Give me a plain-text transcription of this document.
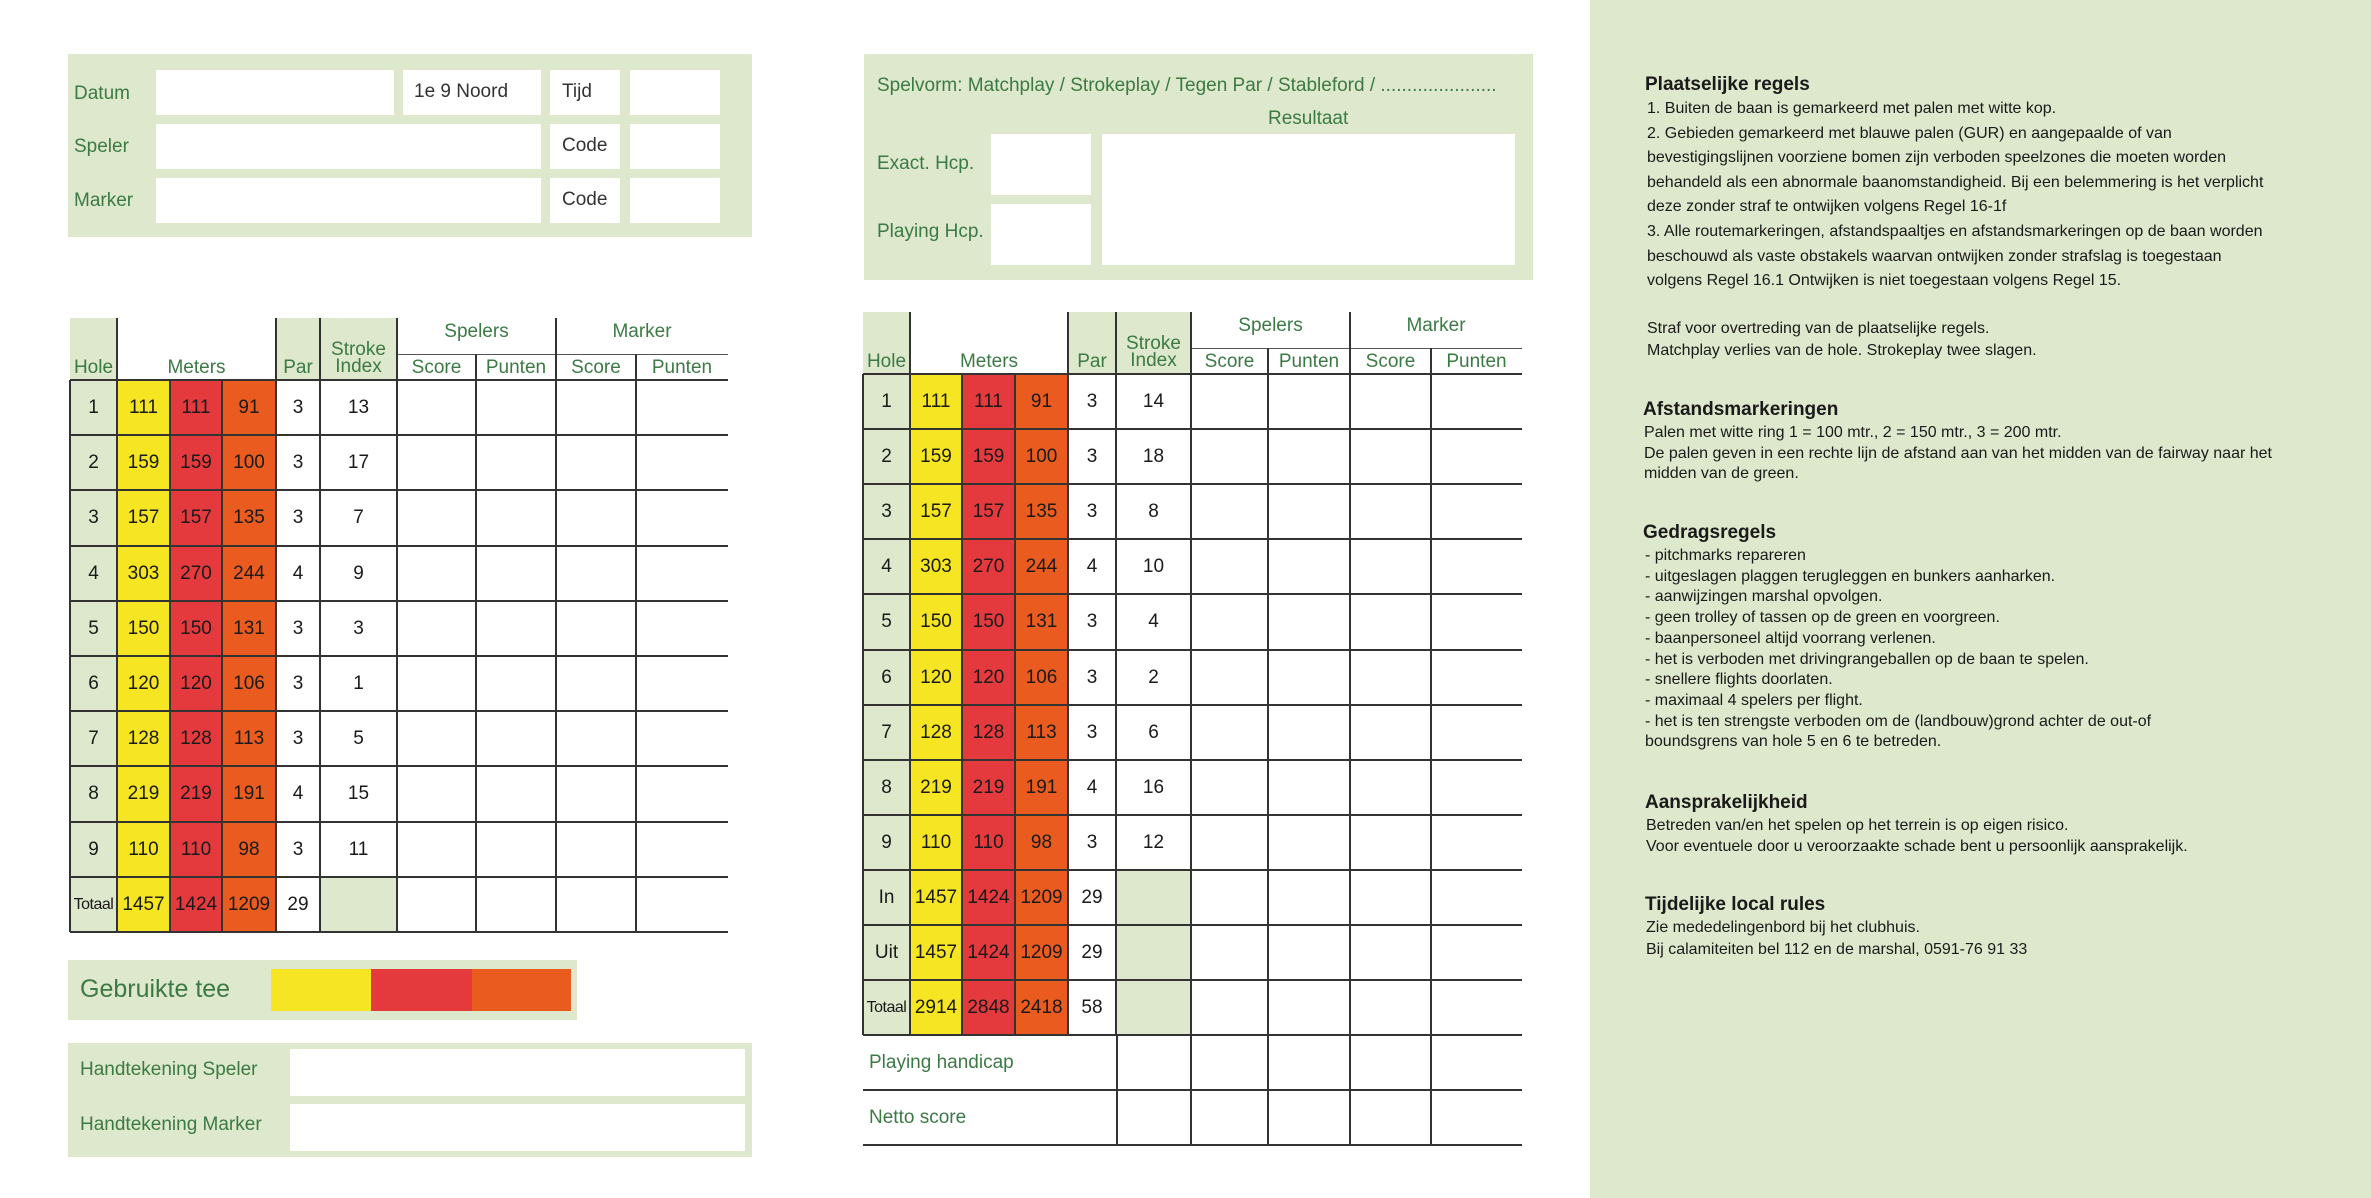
Datum
Speler
Marker
1e 9 Noord	Tijd
Code
Code
Spelvorm: Matchplay / Strokeplay / Tegen Par / Stableford / ......................
Resultaat
Exact. Hcp.
Playing Hcp.
Hole	Meters	Par
Stroke
Index
Spelers	Marker
Score	Punten	Score	Punten
1	111	111	91	3	13
2	159	159	100	3	17
3	157	157	135	3	7
4	303	270	244	4	9
5	150	150	131	3	3
6	120	120	106	3	1
7	128	128	113	3	5
8	219	219	191	4	15
9	110	110	98	3	11
Totaal 1457 1424 1209 29
Hole	Meters	Par
Stroke
Index
Spelers	Marker
Score	Punten	Score	Punten
1	111	111	91	3	14
2	159	159	100	3	18
3	157	157	135	3	8
4	303	270	244	4	10
5	150	150	131	3	4
6	120	120	106	3	2
7	128	128	113	3	6
8	219	219	191	4	16
9	110	110	98	3	12
In	1457 1424 1209 29
Uit 1457 1424 1209 29
Totaal 2914 2848 2418 58
Playing handicap
Netto score
Gebruikte tee
Handtekening Speler
Handtekening Marker
Plaatselijke regels
1. Buiten de baan is gemarkeerd met palen met witte kop.
2. Gebieden gemarkeerd met blauwe palen (GUR) en aangepaalde of van
bevestigingslijnen voorziene bomen zijn verboden speelzones die moeten worden
behandeld als een abnormale baanomstandigheid. Bij een belemmering is het verplicht
deze zonder straf te ontwijken volgens Regel 16-1f
3. Alle routemarkeringen, afstandspaaltjes en afstandsmarkeringen op de baan worden
beschouwd als vaste obstakels waarvan ontwijken zonder strafslag is toegestaan
volgens Regel 16.1 Ontwijken is niet toegestaan volgens Regel 15.
Straf voor overtreding van de plaatselijke regels.
Matchplay verlies van de hole. Strokeplay twee slagen.
Afstandsmarkeringen
Palen met witte ring 1 = 100 mtr., 2 = 150 mtr., 3 = 200 mtr.
De palen geven in een rechte lijn de afstand aan van het midden van de fairway naar het
midden van de green.
Gedragsregels
- pitchmarks repareren
- uitgeslagen plaggen terugleggen en bunkers aanharken.
- aanwijzingen marshal opvolgen.
- geen trolley of tassen op de green en voorgreen.
- baanpersoneel altijd voorrang verlenen.
- het is verboden met drivingrangeballen op de baan te spelen.
- snellere flights doorlaten.
- maximaal 4 spelers per flight.
- het is ten strengste verboden om de (landbouw)grond achter de out-of
boundsgrens van hole 5 en 6 te betreden.
Aansprakelijkheid
Betreden van/en het spelen op het terrein is op eigen risico.
Voor eventuele door u veroorzaakte schade bent u persoonlijk aansprakelijk.
Tijdelijke local rules
Zie mededelingenbord bij het clubhuis.
Bij calamiteiten bel 112 en de marshal, 0591-76 91 33
